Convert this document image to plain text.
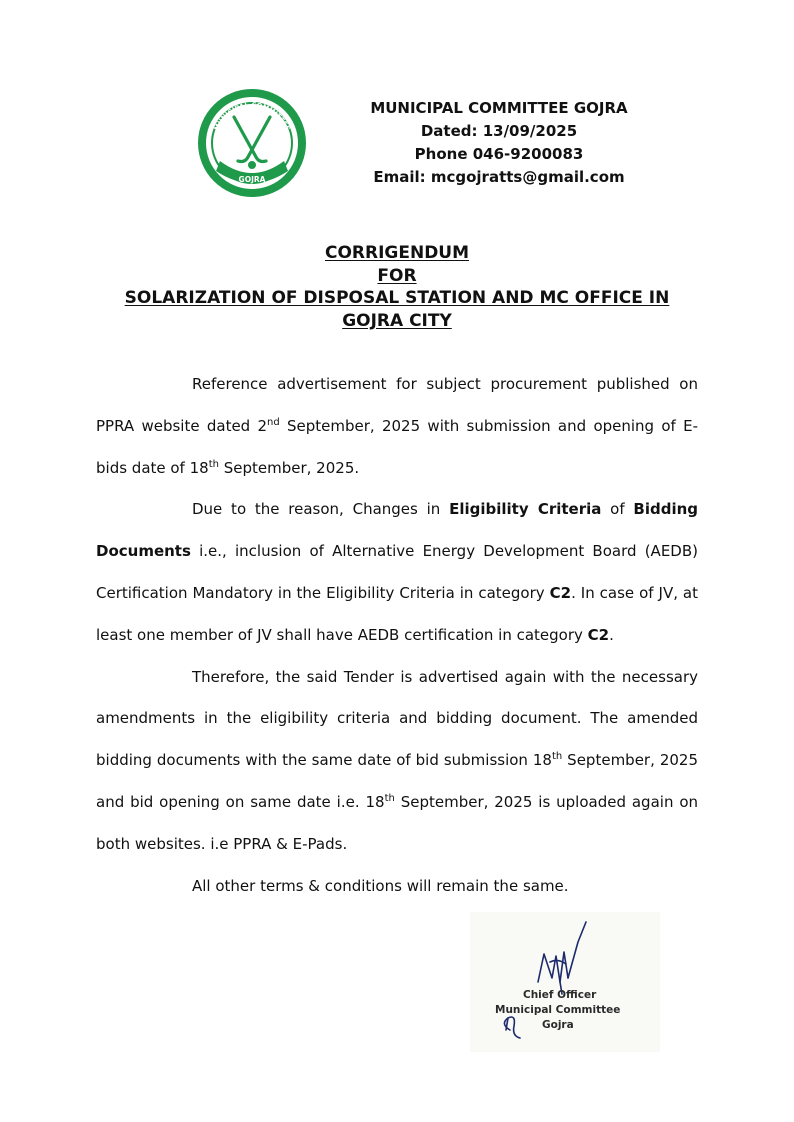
MUNICIPAL COMMITTEE
GOJRA
MUNICIPAL COMMITTEE GOJRA
Dated: 13/09/2025
Phone 046-9200083
Email: mcgojratts@gmail.com
CORRIGENDUM
FOR
SOLARIZATION OF DISPOSAL STATION AND MC OFFICE IN
GOJRA CITY

Reference advertisement for subject procurement published on PPRA website dated 2nd September, 2025 with submission and opening of E-bids date of 18th September, 2025.

Due to the reason, Changes in Eligibility Criteria of Bidding Documents i.e., inclusion of Alternative Energy Development Board (AEDB) Certification Mandatory in the Eligibility Criteria in category C2. In case of JV, at least one member of JV shall have AEDB certification in category C2.

Therefore, the said Tender is advertised again with the necessary amendments in the eligibility criteria and bidding document. The amended bidding documents with the same date of bid submission 18th September, 2025 and bid opening on same date i.e. 18th September, 2025 is uploaded again on both websites. i.e PPRA & E-Pads.

All other terms & conditions will remain the same.

Chief Officer
Municipal Committee
Gojra
